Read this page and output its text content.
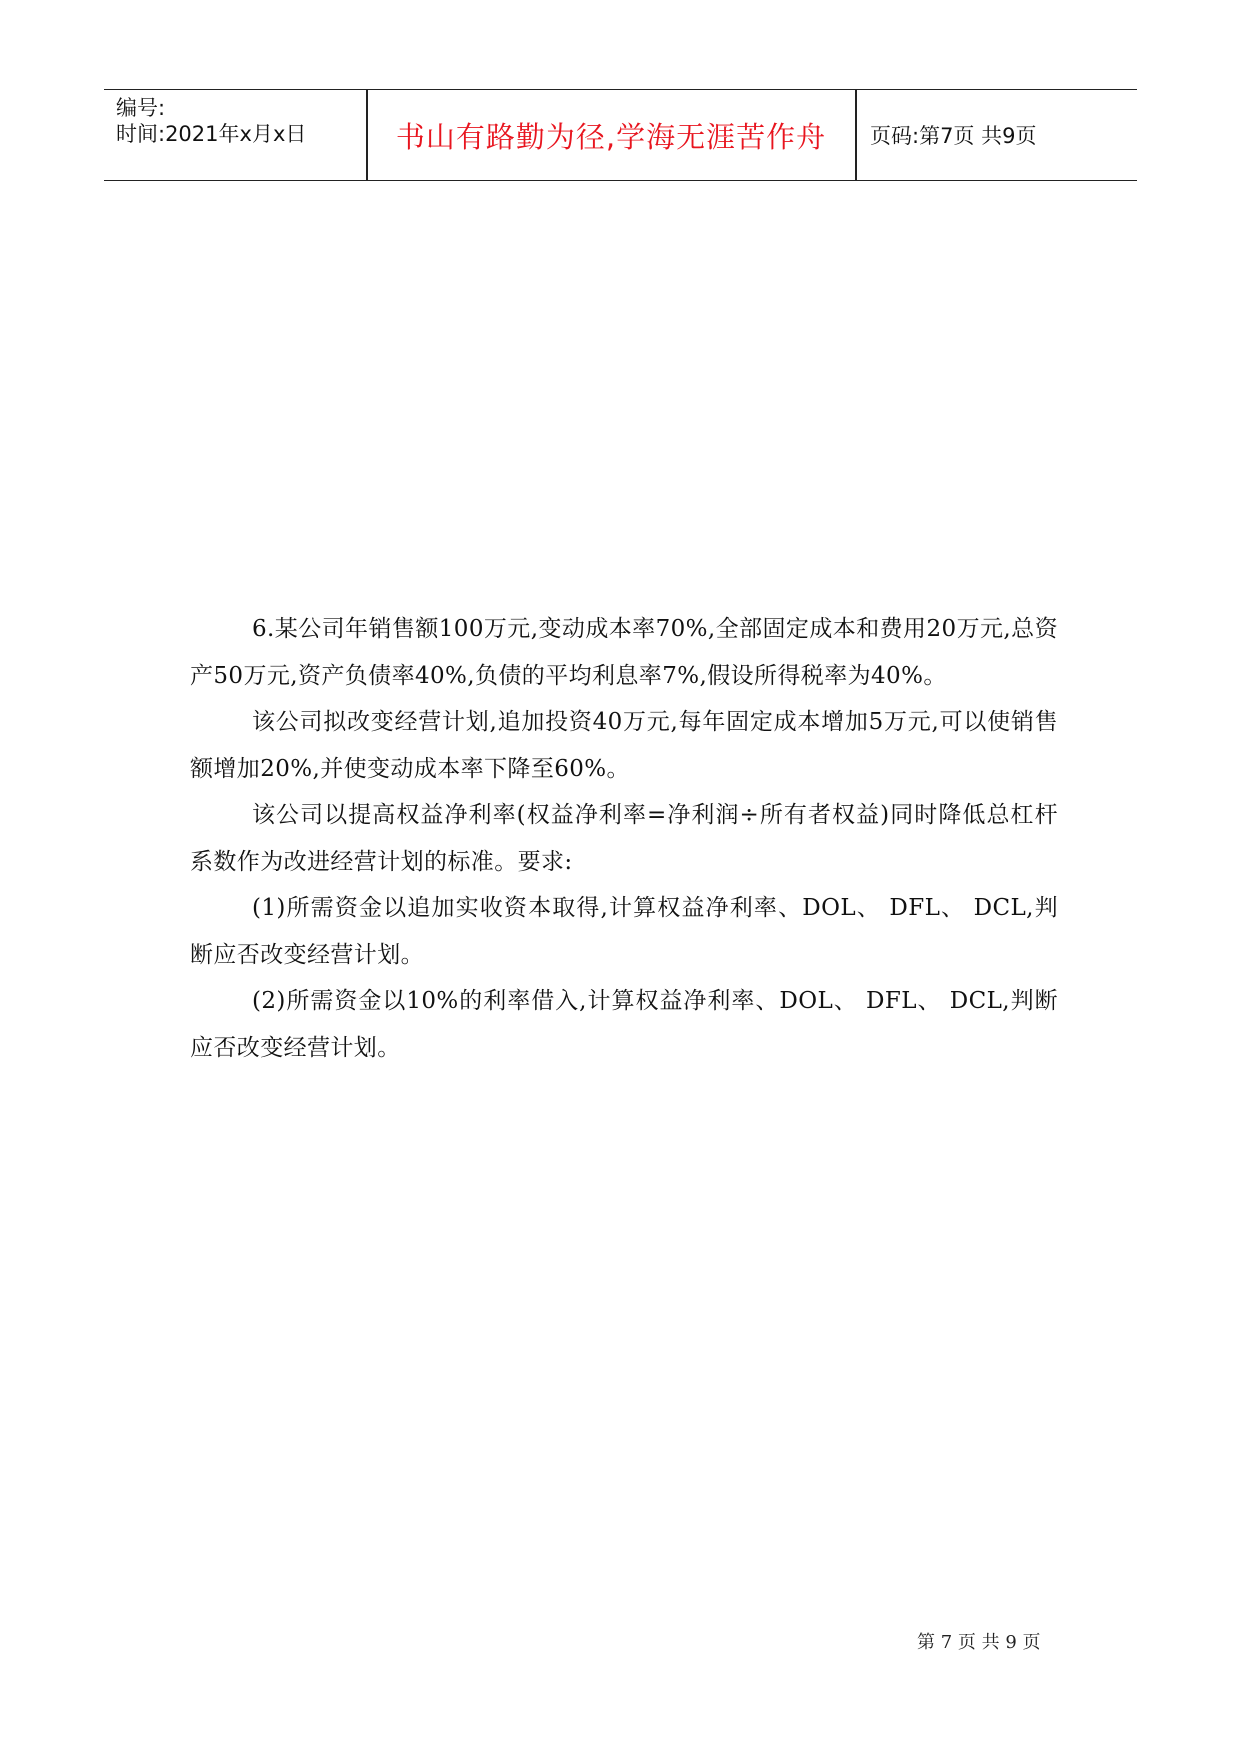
编号:
时间:2021年x月x日	书山有路勤为径,学海无涯苦作舟	页码:第7页 共9页

6.某公司年销售额100万元,变动成本率70%,全部固定成本和费用20万元,总资产50万元,资产负债率40%,负债的平均利息率7%,假设所得税率为40%。

该公司拟改变经营计划,追加投资40万元,每年固定成本增加5万元,可以使销售额增加20%,并使变动成本率下降至60%。

该公司以提高权益净利率(权益净利率=净利润÷所有者权益)同时降低总杠杆系数作为改进经营计划的标准。要求:

(1)所需资金以追加实收资本取得,计算权益净利率、DOL、 DFL、 DCL,判断应否改变经营计划。

(2)所需资金以10%的利率借入,计算权益净利率、DOL、 DFL、 DCL,判断应否改变经营计划。

第 7 页 共 9 页
